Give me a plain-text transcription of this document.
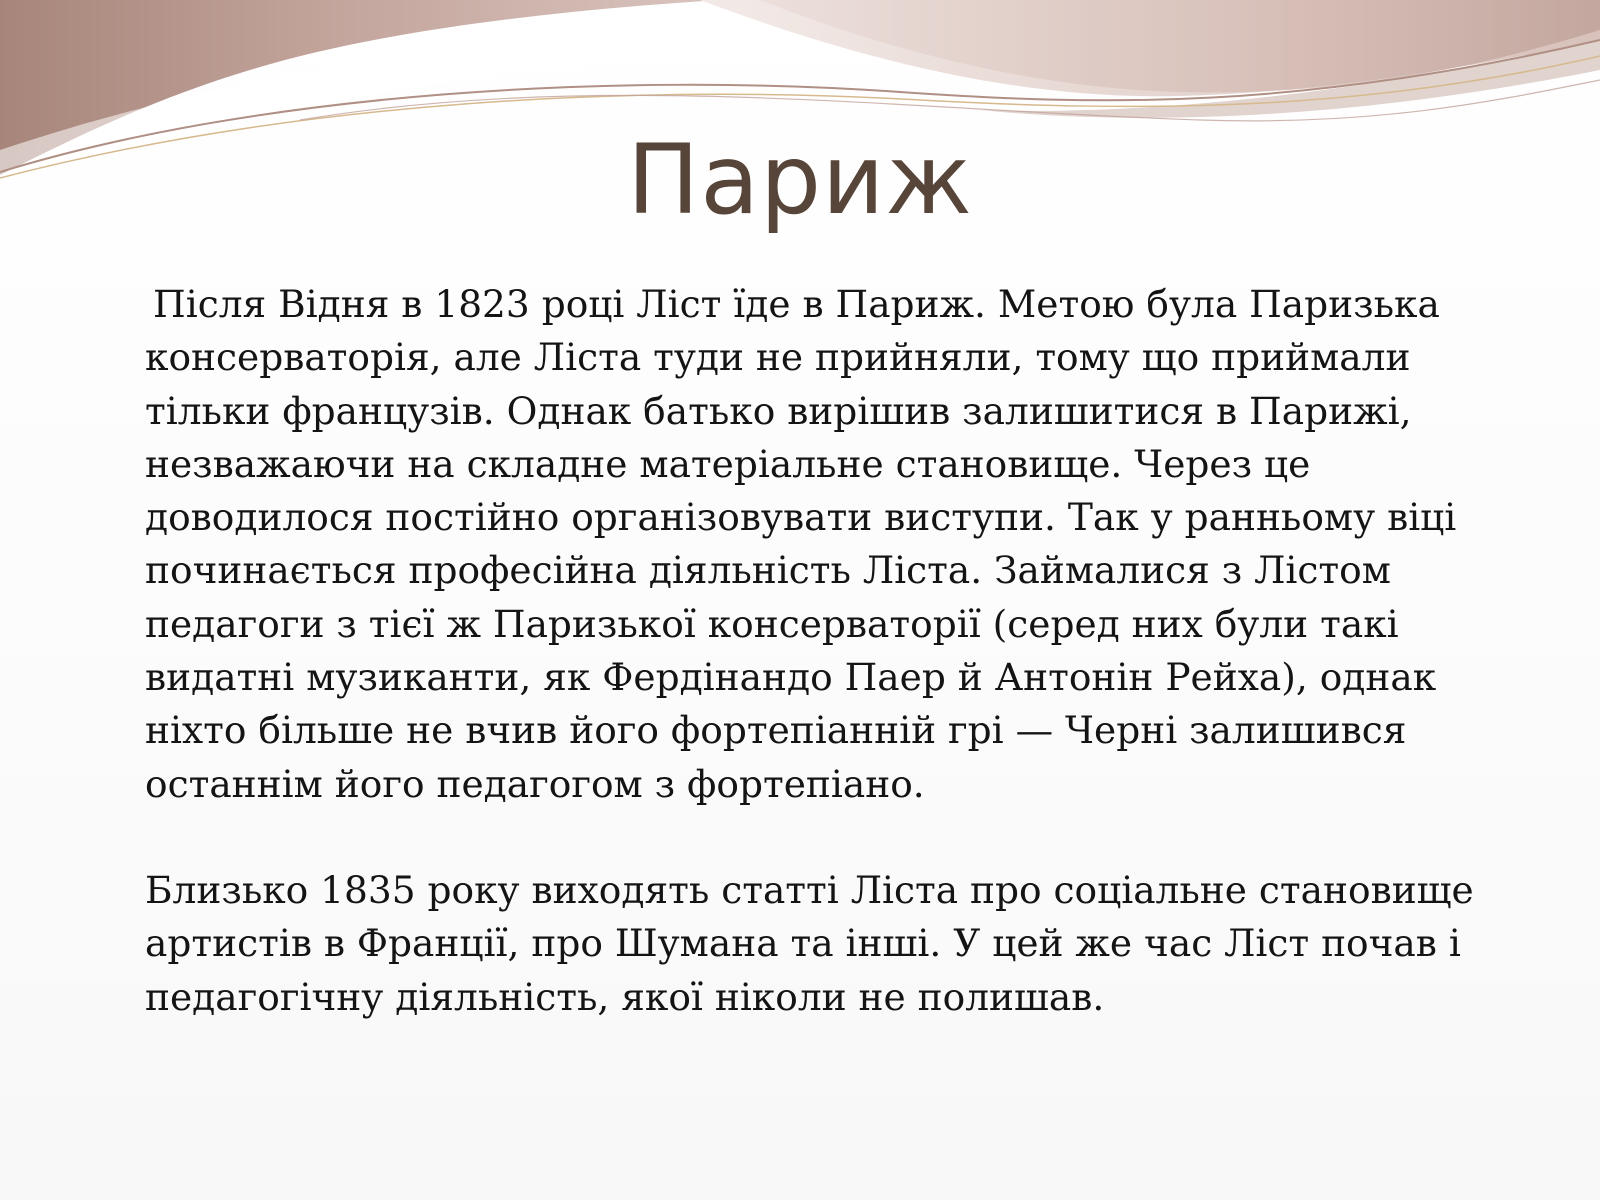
Париж

Після Відня в 1823 році Ліст їде в Париж. Метою була Паризька консерваторія, але Ліста туди не прийняли, тому що приймали тільки французів. Однак батько вирішив залишитися в Парижі, незважаючи на складне матеріальне становище. Через це доводилося постійно організовувати виступи. Так у ранньому віці починається професійна діяльність Ліста. Займалися з Лістом педагоги з тієї ж Паризької консерваторії (серед них були такі видатні музиканти, як Фердінандо Паер й Антонін Рейха), однак ніхто більше не вчив його фортепіанній грі — Черні залишився останнім його педагогом з фортепіано.

Близько 1835 року виходять статті Ліста про соціальне становище артистів в Франції, про Шумана та інші. У цей же час Ліст почав і педагогічну діяльність, якої ніколи не полишав.
